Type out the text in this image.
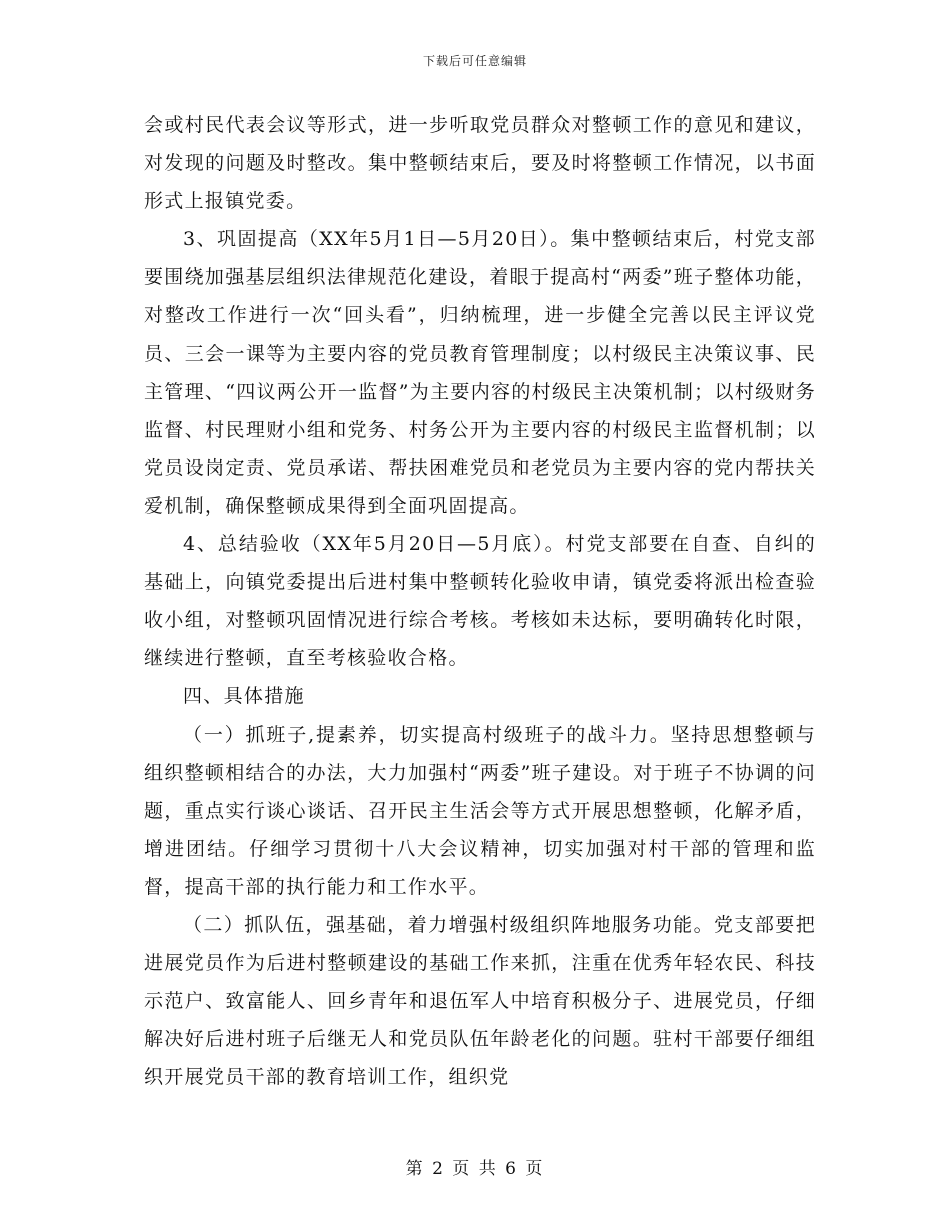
下载后可任意编辑

会或村民代表会议等形式，进一步听取党员群众对整顿工作的意见和建议，对发现的问题及时整改。集中整顿结束后，要及时将整顿工作情况，以书面形式上报镇党委。

3、巩固提高（XX年5月1日—5月20日）。集中整顿结束后，村党支部要围绕加强基层组织法律规范化建设，着眼于提高村“两委”班子整体功能，对整改工作进行一次“回头看”，归纳梳理，进一步健全完善以民主评议党员、三会一课等为主要内容的党员教育管理制度；以村级民主决策议事、民主管理、“四议两公开一监督”为主要内容的村级民主决策机制；以村级财务监督、村民理财小组和党务、村务公开为主要内容的村级民主监督机制；以党员设岗定责、党员承诺、帮扶困难党员和老党员为主要内容的党内帮扶关爱机制，确保整顿成果得到全面巩固提高。

4、总结验收（XX年5月20日—5月底）。村党支部要在自查、自纠的基础上，向镇党委提出后进村集中整顿转化验收申请，镇党委将派出检查验收小组，对整顿巩固情况进行综合考核。考核如未达标，要明确转化时限，继续进行整顿，直至考核验收合格。

四、具体措施

（一）抓班子,提素养，切实提高村级班子的战斗力。坚持思想整顿与组织整顿相结合的办法，大力加强村“两委”班子建设。对于班子不协调的问题，重点实行谈心谈话、召开民主生活会等方式开展思想整顿，化解矛盾，增进团结。仔细学习贯彻十八大会议精神，切实加强对村干部的管理和监督，提高干部的执行能力和工作水平。

（二）抓队伍，强基础，着力增强村级组织阵地服务功能。党支部要把进展党员作为后进村整顿建设的基础工作来抓，注重在优秀年轻农民、科技示范户、致富能人、回乡青年和退伍军人中培育积极分子、进展党员，仔细解决好后进村班子后继无人和党员队伍年龄老化的问题。驻村干部要仔细组织开展党员干部的教育培训工作，组织党

第 2 页 共 6 页
